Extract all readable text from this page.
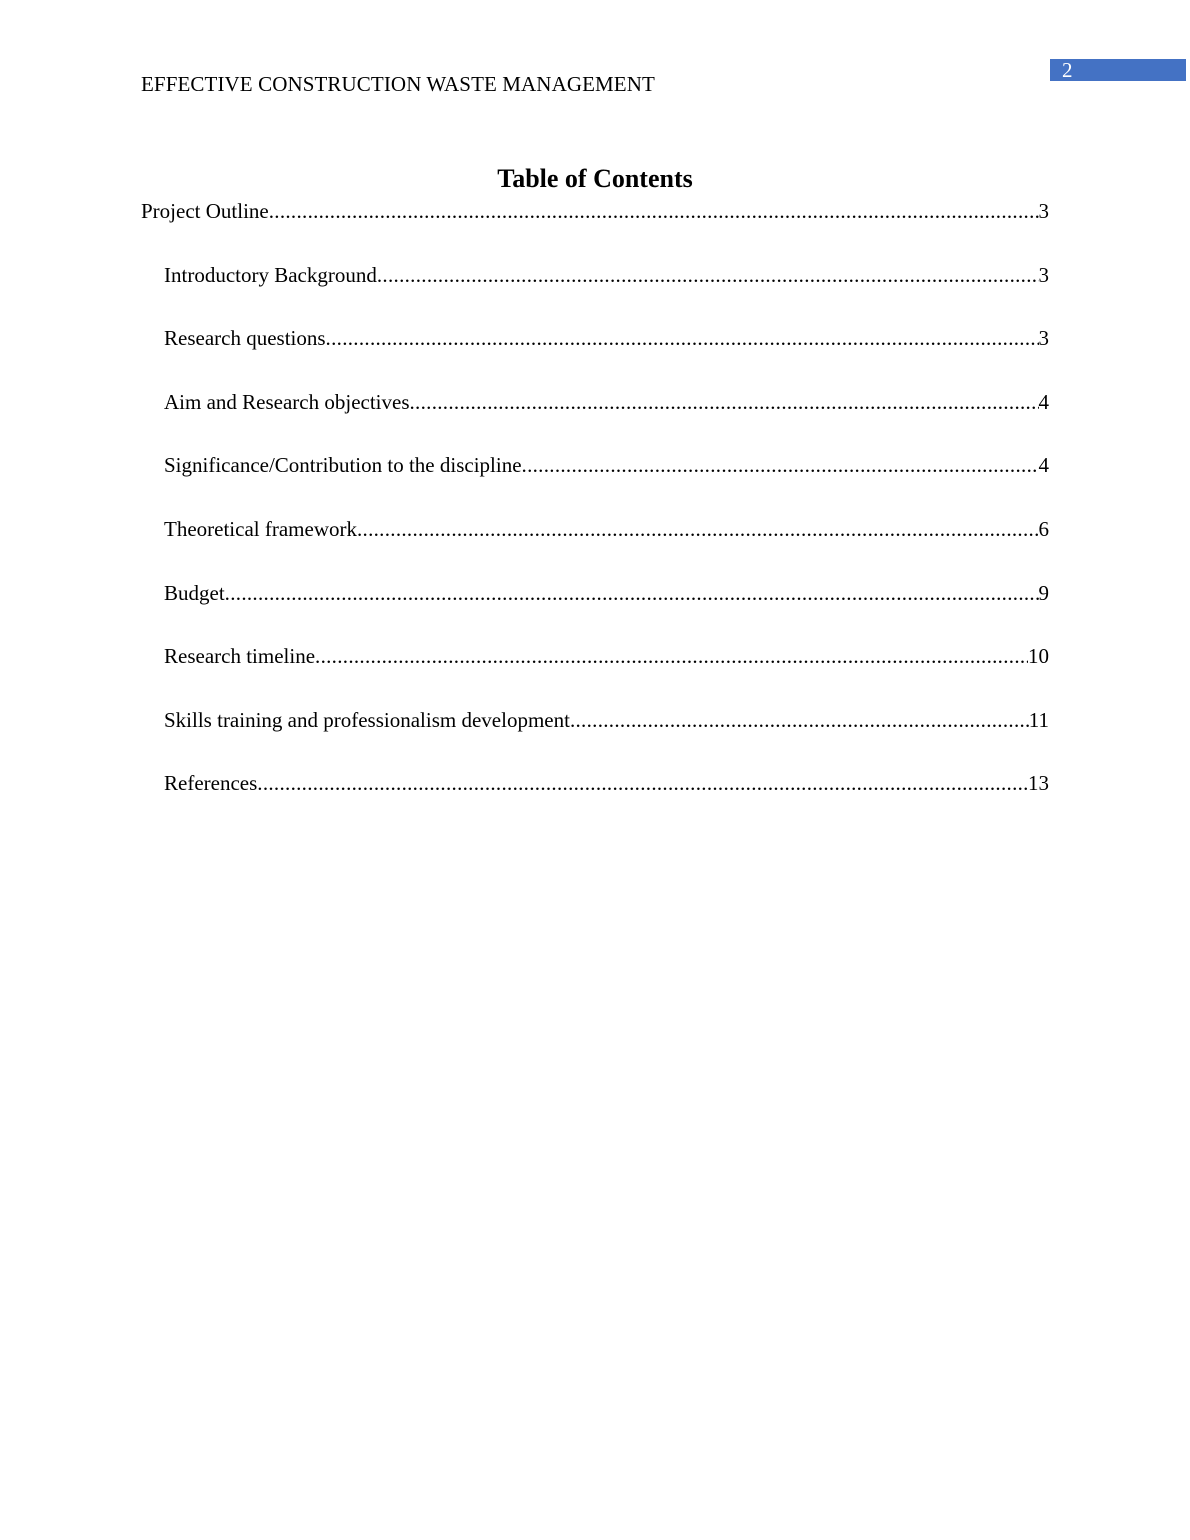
2
EFFECTIVE CONSTRUCTION WASTE MANAGEMENT
Table of Contents
Project Outline .....	3
Introductory Background .....	3
Research questions .....	3
Aim and Research objectives .....	4
Significance/Contribution to the discipline .....	4
Theoretical framework .....	6
Budget .....	9
Research timeline .....	10
Skills training and professionalism development .....	11
References .....	13
